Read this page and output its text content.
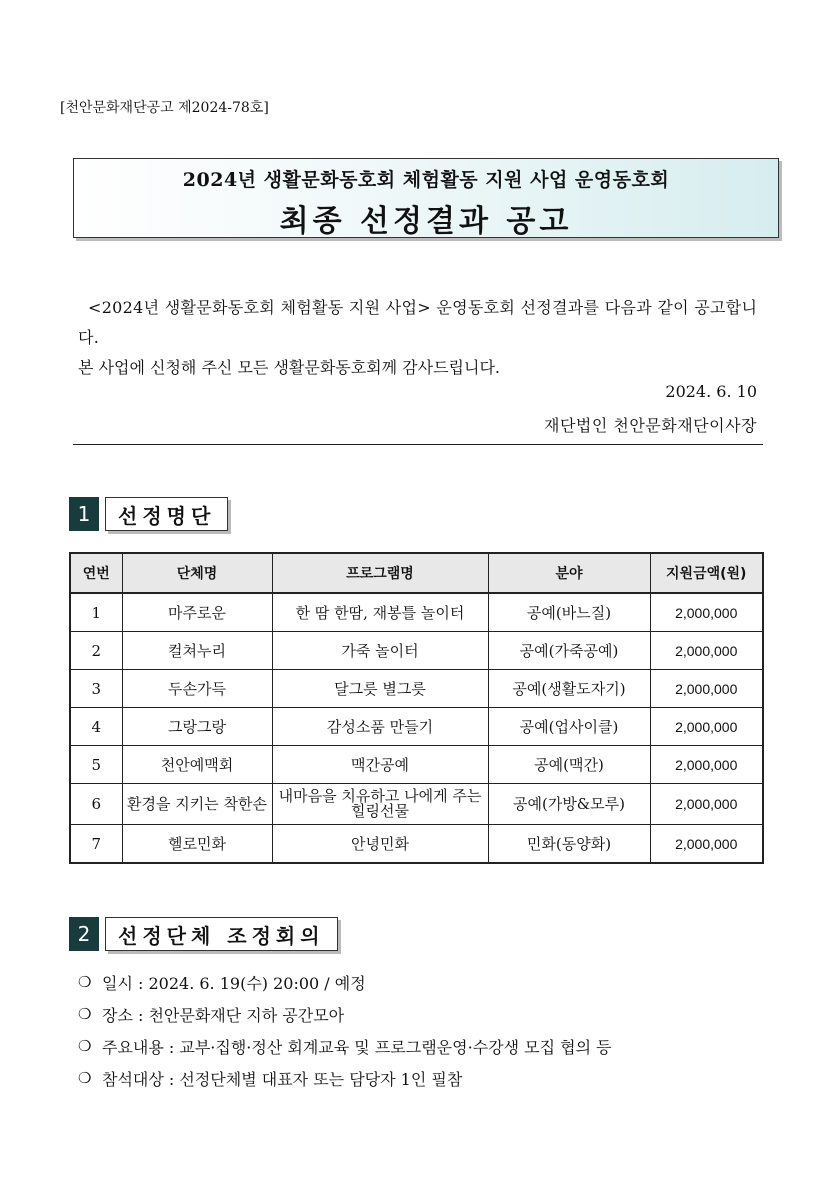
[천안문화재단공고 제2024-78호]
2024년 생활문화동호회 체험활동 지원 사업 운영동호회
최종 선정결과 공고

<2024년 생활문화동호회 체험활동 지원 사업> 운영동호회 선정결과를 다음과 같이 공고합니다.

본 사업에 신청해 주신 모든 생활문화동호회께 감사드립니다.

2024. 6. 10
재단법인 천안문화재단이사장
1	선정명단
연번	단체명	프로그램명	분야	지원금액(원)
1	마주로운	한 땀 한땀, 재봉틀 놀이터	공예(바느질)	2,000,000
2	컬쳐누리	가죽 놀이터	공예(가죽공예)	2,000,000
3	두손가득	달그릇 별그릇	공예(생활도자기)	2,000,000
4	그랑그랑	감성소품 만들기	공예(업사이클)	2,000,000
5	천안예맥회	맥간공예	공예(맥간)	2,000,000
6	환경을 지키는 착한손	내마음을 치유하고 나에게 주는 힐링선물	공예(가방&모루)	2,000,000
7	헬로민화	안녕민화	민화(동양화)	2,000,000
2	선정단체 조정회의
❍ 일시 : 2024. 6. 19(수) 20:00 / 예정
❍ 장소 : 천안문화재단 지하 공간모아
❍ 주요내용 : 교부·집행·정산 회계교육 및 프로그램운영·수강생 모집 협의 등
❍ 참석대상 : 선정단체별 대표자 또는 담당자 1인 필참
